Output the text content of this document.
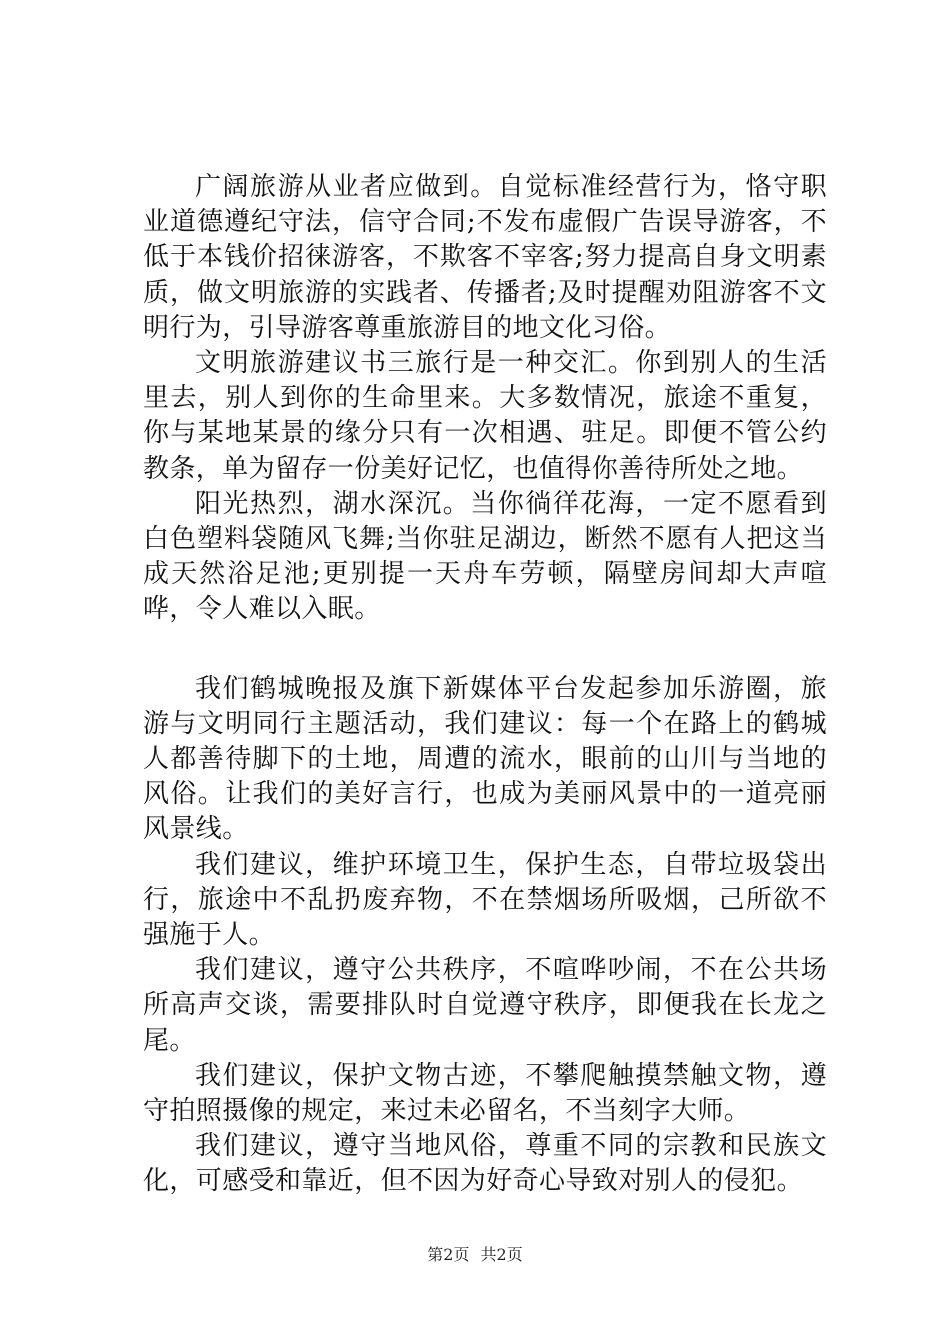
广阔旅游从业者应做到。自觉标准经营行为，恪守职业道德遵纪守法，信守合同;不发布虚假广告误导游客，不低于本钱价招徕游客，不欺客不宰客;努力提高自身文明素质，做文明旅游的实践者、传播者;及时提醒劝阻游客不文明行为，引导游客尊重旅游目的地文化习俗。

文明旅游建议书三旅行是一种交汇。你到别人的生活里去，别人到你的生命里来。大多数情况，旅途不重复，你与某地某景的缘分只有一次相遇、驻足。即便不管公约教条，单为留存一份美好记忆，也值得你善待所处之地。

阳光热烈，湖水深沉。当你徜徉花海，一定不愿看到白色塑料袋随风飞舞;当你驻足湖边，断然不愿有人把这当成天然浴足池;更别提一天舟车劳顿，隔壁房间却大声喧哗，令人难以入眠。

我们鹤城晚报及旗下新媒体平台发起参加乐游圈，旅游与文明同行主题活动，我们建议：每一个在路上的鹤城人都善待脚下的土地，周遭的流水，眼前的山川与当地的风俗。让我们的美好言行，也成为美丽风景中的一道亮丽风景线。

我们建议，维护环境卫生，保护生态，自带垃圾袋出行，旅途中不乱扔废弃物，不在禁烟场所吸烟，己所欲不强施于人。

我们建议，遵守公共秩序，不喧哗吵闹，不在公共场所高声交谈，需要排队时自觉遵守秩序，即便我在长龙之尾。

我们建议，保护文物古迹，不攀爬触摸禁触文物，遵守拍照摄像的规定，来过未必留名，不当刻字大师。

我们建议，遵守当地风俗，尊重不同的宗教和民族文化，可感受和靠近，但不因为好奇心导致对别人的侵犯。

第2页 共2页
